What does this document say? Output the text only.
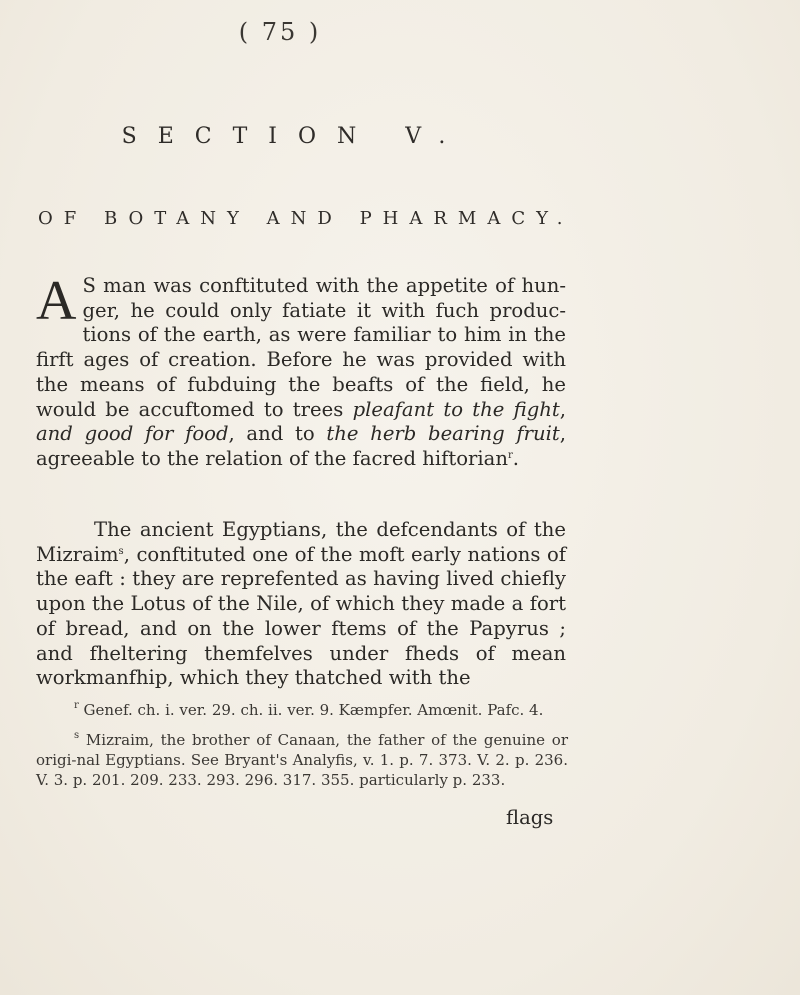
( 75 )
SECTION V.
OF BOTANY AND PHARMACY.
A S man was conftituted with the appetite of hun-ger, he could only fatiate it with fuch produc-tions of the earth, as were familiar to him in the firft ages of creation. Before he was provided with the means of fubduing the beafts of the field, he would be accuftomed to trees pleafant to the fight, and good for food, and to the herb bearing fruit, agreeable to the relation of the facred hiftorian$^r$.
The ancient Egyptians, the defcendants of the Mizraim$^s$, conftituted one of the moft early nations of the eaft : they are reprefented as having lived chiefly upon the Lotus of the Nile, of which they made a fort of bread, and on the lower ftems of the Papyrus ; and fheltering themfelves under fheds of mean workmanfhip, which they thatched with the

$^r$ Genef. ch. i. ver. 29. ch. ii. ver. 9. Kæmpfer. Amœnit. Pafc. 4.

$^s$ Mizraim, the brother of Canaan, the father of the genuine or origi-nal Egyptians. See Bryant's Analyfis, v. 1. p. 7. 373. V. 2. p. 236. V. 3. p. 201. 209. 233. 293. 296. 317. 355. particularly p. 233.

flags
